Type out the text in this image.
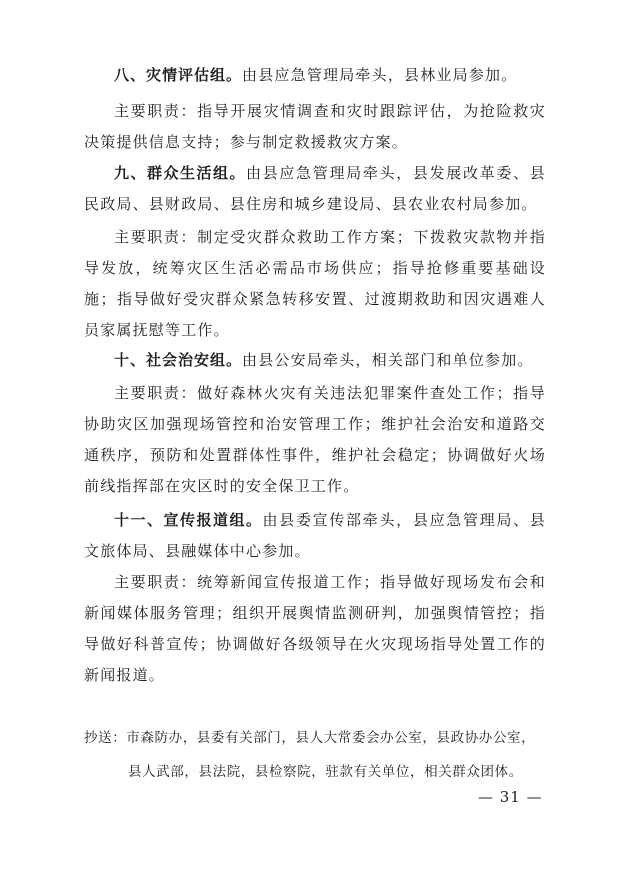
八、灾情评估组。由县应急管理局牵头，县林业局参加。

主要职责：指导开展灾情调查和灾时跟踪评估，为抢险救灾决策提供信息支持；参与制定救援救灾方案。

九、群众生活组。由县应急管理局牵头，县发展改革委、县民政局、县财政局、县住房和城乡建设局、县农业农村局参加。

主要职责：制定受灾群众救助工作方案；下拨救灾款物并指导发放，统筹灾区生活必需品市场供应；指导抢修重要基础设施；指导做好受灾群众紧急转移安置、过渡期救助和因灾遇难人员家属抚慰等工作。

十、社会治安组。由县公安局牵头，相关部门和单位参加。

主要职责：做好森林火灾有关违法犯罪案件查处工作；指导协助灾区加强现场管控和治安管理工作；维护社会治安和道路交通秩序，预防和处置群体性事件，维护社会稳定；协调做好火场前线指挥部在灾区时的安全保卫工作。

十一、宣传报道组。由县委宣传部牵头，县应急管理局、县文旅体局、县融媒体中心参加。

主要职责：统筹新闻宣传报道工作；指导做好现场发布会和新闻媒体服务管理；组织开展舆情监测研判，加强舆情管控；指导做好科普宣传；协调做好各级领导在火灾现场指导处置工作的新闻报道。

抄送：市森防办，县委有关部门，县人大常委会办公室，县政协办公室，
县人武部，县法院，县检察院，驻款有关单位，相关群众团体。
— 31 —
